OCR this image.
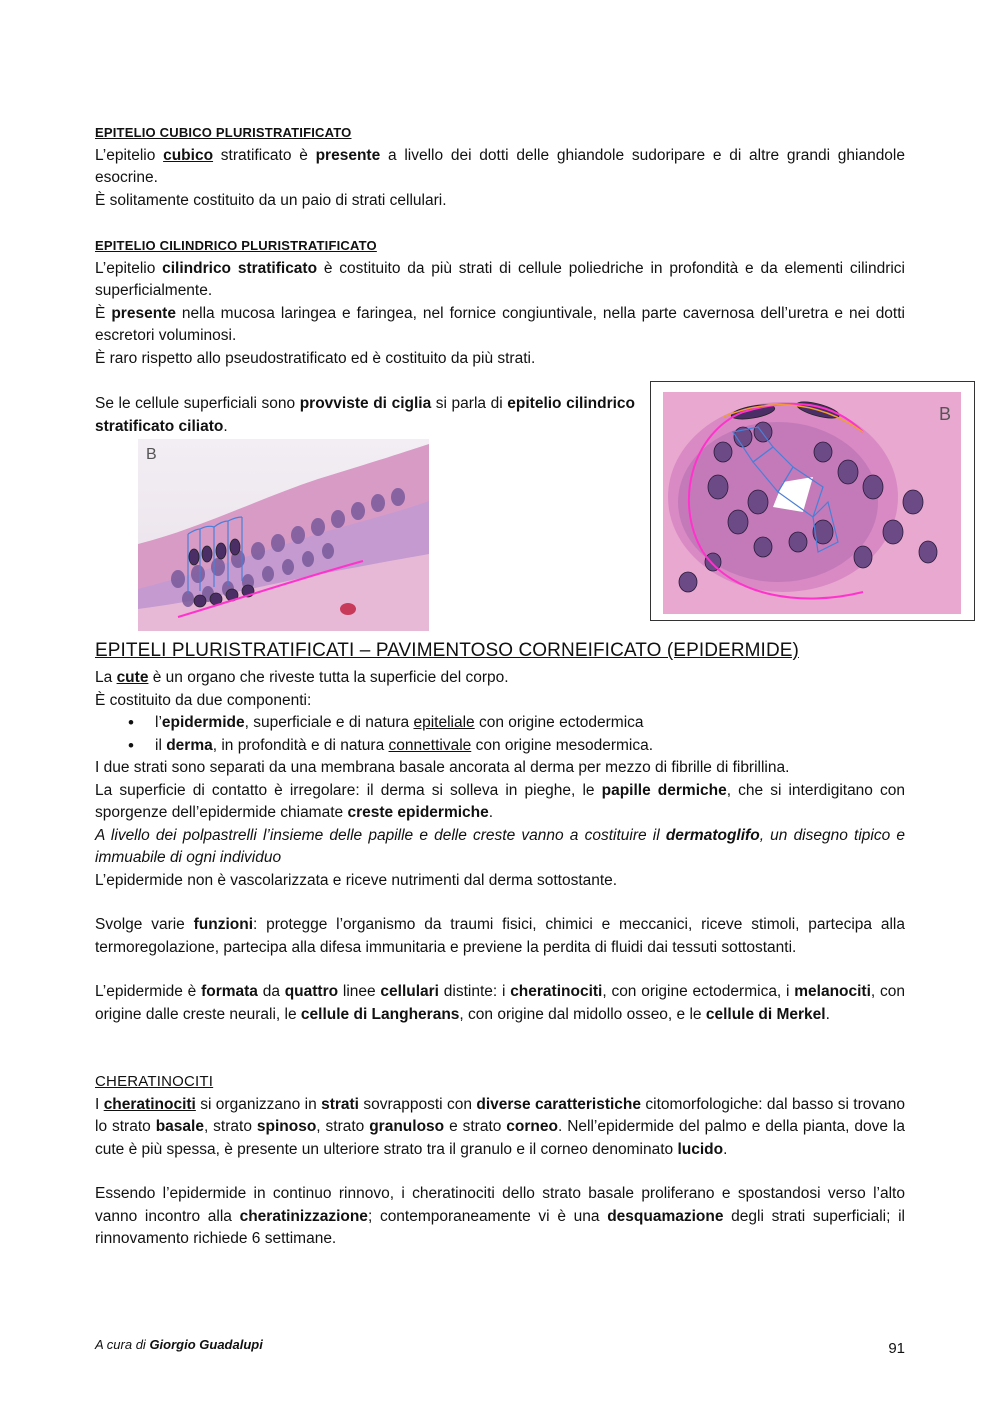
EPITELIO CUBICO PLURISTRATIFICATO

L’epitelio cubico stratificato è presente a livello dei dotti delle ghiandole sudoripare e di altre grandi ghiandole esocrine.

È solitamente costituito da un paio di strati cellulari.

EPITELIO CILINDRICO PLURISTRATIFICATO

L’epitelio cilindrico stratificato è costituito da più strati di cellule poliedriche in profondità e da elementi cilindrici superficialmente.

È presente nella mucosa laringea e faringea, nel fornice congiuntivale, nella parte cavernosa dell’uretra e nei dotti escretori voluminosi.

È raro rispetto allo pseudostratificato ed è costituito da più strati.

Se le cellule superficiali sono provviste di ciglia si parla di epitelio cilindrico stratificato ciliato.
B
B
EPITELI PLURISTRATIFICATI – PAVIMENTOSO CORNEIFICATO (EPIDERMIDE)

La cute è un organo che riveste tutta la superficie del corpo.

È costituito da due componenti:

• l’epidermide, superficiale e di natura epiteliale con origine ectodermica
• il derma, in profondità e di natura connettivale con origine mesodermica.

I due strati sono separati da una membrana basale ancorata al derma per mezzo di fibrille di fibrillina.

La superficie di contatto è irregolare: il derma si solleva in pieghe, le papille dermiche, che si interdigitano con sporgenze dell’epidermide chiamate creste epidermiche.

A livello dei polpastrelli l’insieme delle papille e delle creste vanno a costituire il dermatoglifo, un disegno tipico e immuabile di ogni individuo

L’epidermide non è vascolarizzata e riceve nutrimenti dal derma sottostante.

Svolge varie funzioni: protegge l’organismo da traumi fisici, chimici e meccanici, riceve stimoli, partecipa alla termoregolazione, partecipa alla difesa immunitaria e previene la perdita di fluidi dai tessuti sottostanti.

L’epidermide è formata da quattro linee cellulari distinte: i cheratinociti, con origine ectodermica, i melanociti, con origine dalle creste neurali, le cellule di Langherans, con origine dal midollo osseo, e le cellule di Merkel.

CHERATINOCITI

I cheratinociti si organizzano in strati sovrapposti con diverse caratteristiche citomorfologiche: dal basso si trovano lo strato basale, strato spinoso, strato granuloso e strato corneo. Nell’epidermide del palmo e della pianta, dove la cute è più spessa, è presente un ulteriore strato tra il granulo e il corneo denominato lucido.

Essendo l’epidermide in continuo rinnovo, i cheratinociti dello strato basale proliferano e spostandosi verso l’alto vanno incontro alla cheratinizzazione; contemporaneamente vi è una desquamazione degli strati superficiali; il rinnovamento richiede 6 settimane.

A cura di Giorgio Guadalupi	91
